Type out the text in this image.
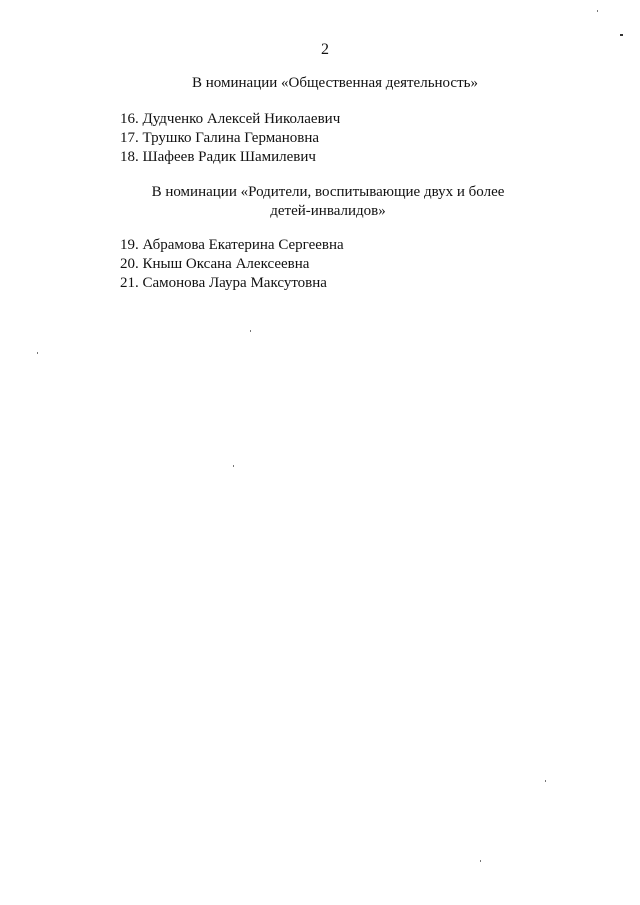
2
В номинации «Общественная деятельность»
16. Дудченко Алексей Николаевич
17. Трушко Галина Германовна
18. Шафеев Радик Шамилевич
В номинации «Родители, воспитывающие двух и более
детей-инвалидов»
19. Абрамова Екатерина Сергеевна
20. Кныш Оксана Алексеевна
21. Самонова Лаура Максутовна
